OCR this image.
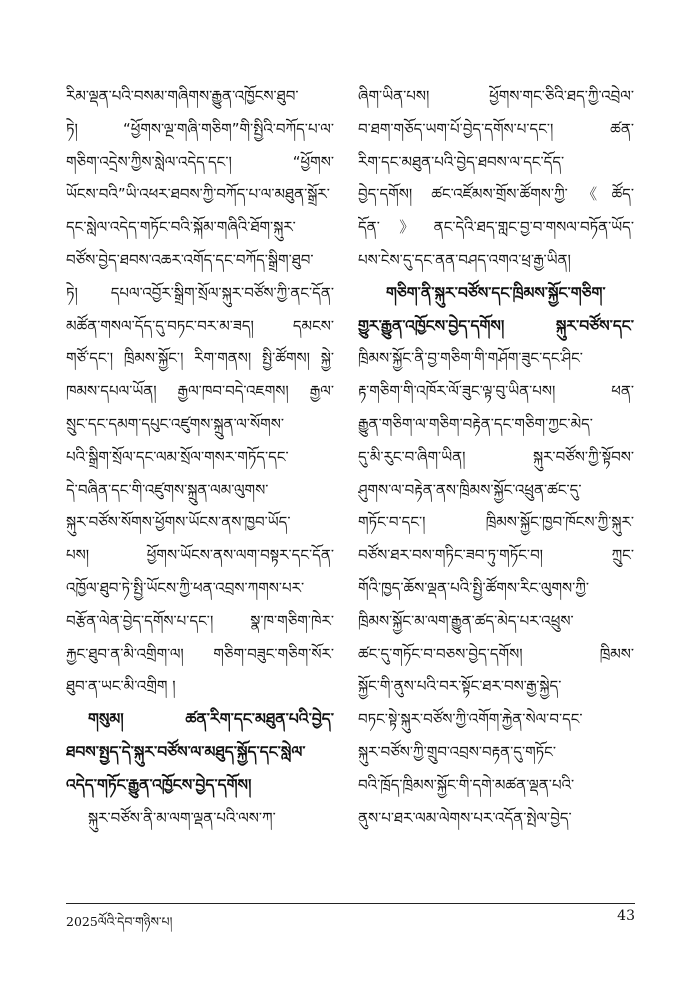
རིམ་ལྡན་པའི་བསམ་གཞིགས་རྒྱུན་འཁྱོངས་ཐུབ་
ཏེ། “ཕྱོགས་ལྔ་གཞི་གཅིག”གི་སྤྱིའི་བཀོད་པ་ལ་
གཅིག་འདྲེས་ཀྱིས་སླེལ་འདེད་དང་། “ཕྱོགས་
ཡོངས་བའི”ཡི་འཕར་ཐབས་ཀྱི་བཀོད་པ་ལ་མཐུན་སྒྲོར་
དང་སླེལ་འདེད་གཏོང་བའི་སྐོམ་གཞིའི་ཐོག་སྐུར་
བཙོས་བྱེད་ཐབས་འཆར་འགོད་དང་བཀོད་སྒྲིག་ཐུབ་
ཏེ། དཔལ་འབྱོར་སྒྲིག་སྲོལ་སྐུར་བཙོས་ཀྱི་ནང་དོན་
མཚོན་གསལ་དོད་དུ་བཏང་བར་མ་ཟད། དམངས་
གཙོ་དང་། ཁྲིམས་སྐྱོང་། རིག་གནས། སྤྱི་ཚོགས། སྐྱེ་
ཁམས་དཔལ་ཡོན། རྒྱལ་ཁབ་བདེ་འཇགས། རྒྱལ་
སྲུང་དང་དམག་དཔུང་འཛུགས་སྐྲུན་ལ་སོགས་
པའི་སྒྲིག་སྲོལ་དང་ལམ་སྲོལ་གསར་གཏོད་དང་
དེ་བཞིན་དང་གི་འཛུགས་སྐྲུན་ལམ་ལུགས་
སྐུར་བཙོས་སོགས་ཕྱོགས་ཡོངས་ནས་ཁྱབ་ཡོད་
པས། ཕྱོགས་ཡོངས་ནས་ལག་བསྟར་དང་དོན་
འཁྱོལ་ཐུབ་ཏེ་སྤྱི་ཡོངས་ཀྱི་ཕན་འབྲས་ཀགས་པར་
བརྩོན་ལེན་བྱེད་དགོས་པ་དང་། སྣ་ཁ་གཅིག་ཁེར་
རྐྱང་ཐུབ་ན་མི་འགྲིག་ལ། གཅིག་བཟུང་གཅིག་སོར་
ཐུབ་ན་ཡང་མི་འགྲིག །
གསུམ། ཚན་རིག་དང་མཐུན་པའི་བྱེད་
ཐབས་སྤྱད་དེ་སྐུར་བཙོས་ལ་མཐུད་སྐྱོད་དང་སླེལ་
འདེད་གཏོང་རྒྱུན་འཁྱོངས་བྱེད་དགོས།
སྐུར་བཙོས་ནི་མ་ལག་ལྡན་པའི་ལས་ཀ་
ཞིག་ཡིན་པས། ཕྱོགས་གང་ཅིའི་ཐད་ཀྱི་འབྲེལ་
བ་ཐག་གཅོད་ཡག་པོ་བྱེད་དགོས་པ་དང་། ཚན་
རིག་དང་མཐུན་པའི་བྱེད་ཐབས་ལ་དང་དོད་
བྱེད་དགོས། ཚང་འཛོམས་གྲོས་ཚོགས་ཀྱི་《ཚོད་
དོན་》ནང་དེའི་ཐད་གླང་བྱ་བ་གསལ་བཏོན་ཡོད་
པས་ངེས་དུ་དང་ནན་བཤད་འགའ་ཕྲ་རྒྱ་ཡིན།
གཅིག་ནི་སྐུར་བཙོས་དང་ཁྲིམས་སྐྱོང་གཅིག་
གྱུར་རྒྱུན་འཁྱོངས་བྱེད་དགོས། སྐུར་བཙོས་དང་
ཁྲིམས་སྐྱོང་ནི་བྱ་གཅིག་གི་གཤོག་ཟུང་དང་ཤིང་
རྟ་གཅིག་གི་འཁོར་ལོ་ཟུང་ལྟ་བུ་ཡིན་པས། ཕན་
རྒྱུན་གཅིག་ལ་གཅིག་བརྟེན་དང་གཅིག་ཀྱང་མེད་
དུ་མི་རུང་བ་ཞིག་ཡིན། སྐུར་བཙོས་ཀྱི་སྟོབས་
ཤུགས་ལ་བརྟེན་ནས་ཁྲིམས་སྐྱོང་འཕྲུན་ཚང་དུ་
གཏོང་བ་དང་། ཁྲིམས་སྐྱོང་ཁྱབ་ཁོངས་ཀྱི་སྐུར་
བཙོས་ཐར་བས་གཏིང་ཟབ་ཏུ་གཏོང་བ། ཀྲུང་
གོའི་ཁྱད་ཆོས་ལྡན་པའི་སྤྱི་ཚོགས་རིང་ལུགས་ཀྱི་
ཁྲིམས་སྐྱོང་མ་ལག་རྒྱུན་ཚད་མེད་པར་འཕྲུས་
ཚང་དུ་གཏོང་བ་བཅས་བྱེད་དགོས། ཁྲིམས་
སྐྱོང་གི་ནུས་པའི་བར་སྟོང་ཐར་བས་རྒྱ་སྐྱེད་
བཏང་སྟེ་སྐུར་བཙོས་ཀྱི་འགོག་རྐྱེན་སེལ་བ་དང་
སྐུར་བཙོས་ཀྱི་གྲུབ་འབྲས་བརྟན་དུ་གཏོང་
བའི་ཁྲོད་ཁྲིམས་སྐྱོང་གི་དགེ་མཚན་ལྡན་པའི་
ནུས་པ་ཐར་ལམ་ལེགས་པར་འདོན་སྤེལ་བྱེད་
2025ལོའི་དེབ་གཉིས་པ།	43
